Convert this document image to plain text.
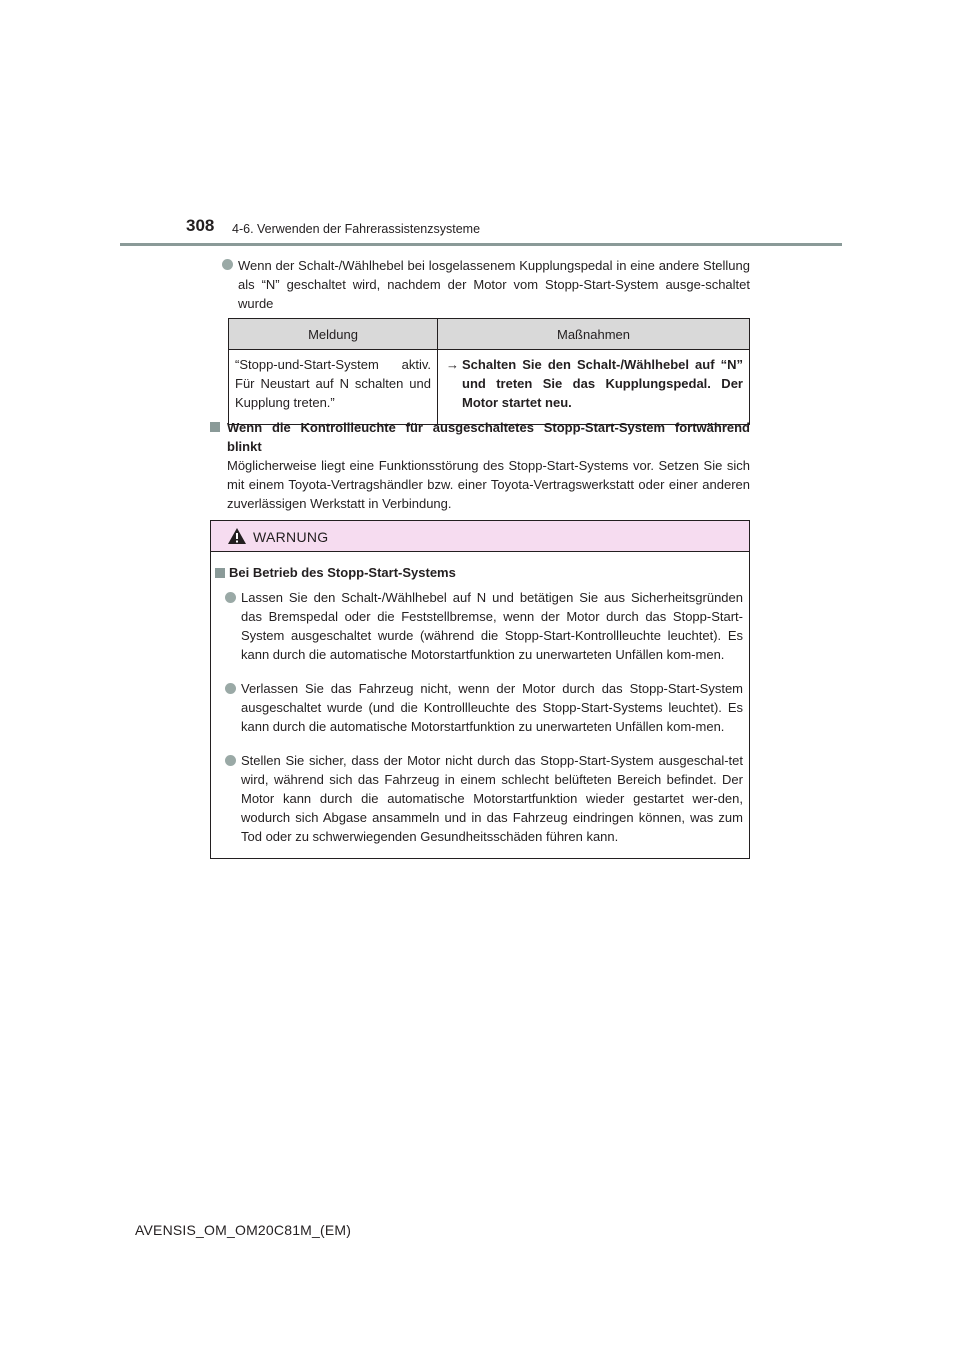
308 4-6. Verwenden der Fahrerassistenzsysteme
Wenn der Schalt-/Wählhebel bei losgelassenem Kupplungspedal in eine andere Stellung als “N” geschaltet wird, nachdem der Motor vom Stopp-Start-System ausge-schaltet wurde
Meldung	Maßnahmen
“Stopp-und-Start-System aktiv. Für Neustart auf N schalten und Kupplung treten.”	→ Schalten Sie den Schalt-/Wählhebel auf “N” und treten Sie das Kupplungspedal. Der Motor startet neu.
Wenn die Kontrollleuchte für ausgeschaltetes Stopp-Start-System fortwährend blinkt
Möglicherweise liegt eine Funktionsstörung des Stopp-Start-Systems vor. Setzen Sie sich mit einem Toyota-Vertragshändler bzw. einer Toyota-Vertragswerkstatt oder einer anderen zuverlässigen Werkstatt in Verbindung.
WARNUNG
Bei Betrieb des Stopp-Start-Systems
Lassen Sie den Schalt-/Wählhebel auf N und betätigen Sie aus Sicherheitsgründen das Bremspedal oder die Feststellbremse, wenn der Motor durch das Stopp-Start-System ausgeschaltet wurde (während die Stopp-Start-Kontrollleuchte leuchtet). Es kann durch die automatische Motorstartfunktion zu unerwarteten Unfällen kom-men.
Verlassen Sie das Fahrzeug nicht, wenn der Motor durch das Stopp-Start-System ausgeschaltet wurde (und die Kontrollleuchte des Stopp-Start-Systems leuchtet). Es kann durch die automatische Motorstartfunktion zu unerwarteten Unfällen kom-men.
Stellen Sie sicher, dass der Motor nicht durch das Stopp-Start-System ausgeschal-tet wird, während sich das Fahrzeug in einem schlecht belüfteten Bereich befindet. Der Motor kann durch die automatische Motorstartfunktion wieder gestartet wer-den, wodurch sich Abgase ansammeln und in das Fahrzeug eindringen können, was zum Tod oder zu schwerwiegenden Gesundheitsschäden führen kann.
AVENSIS_OM_OM20C81M_(EM)
